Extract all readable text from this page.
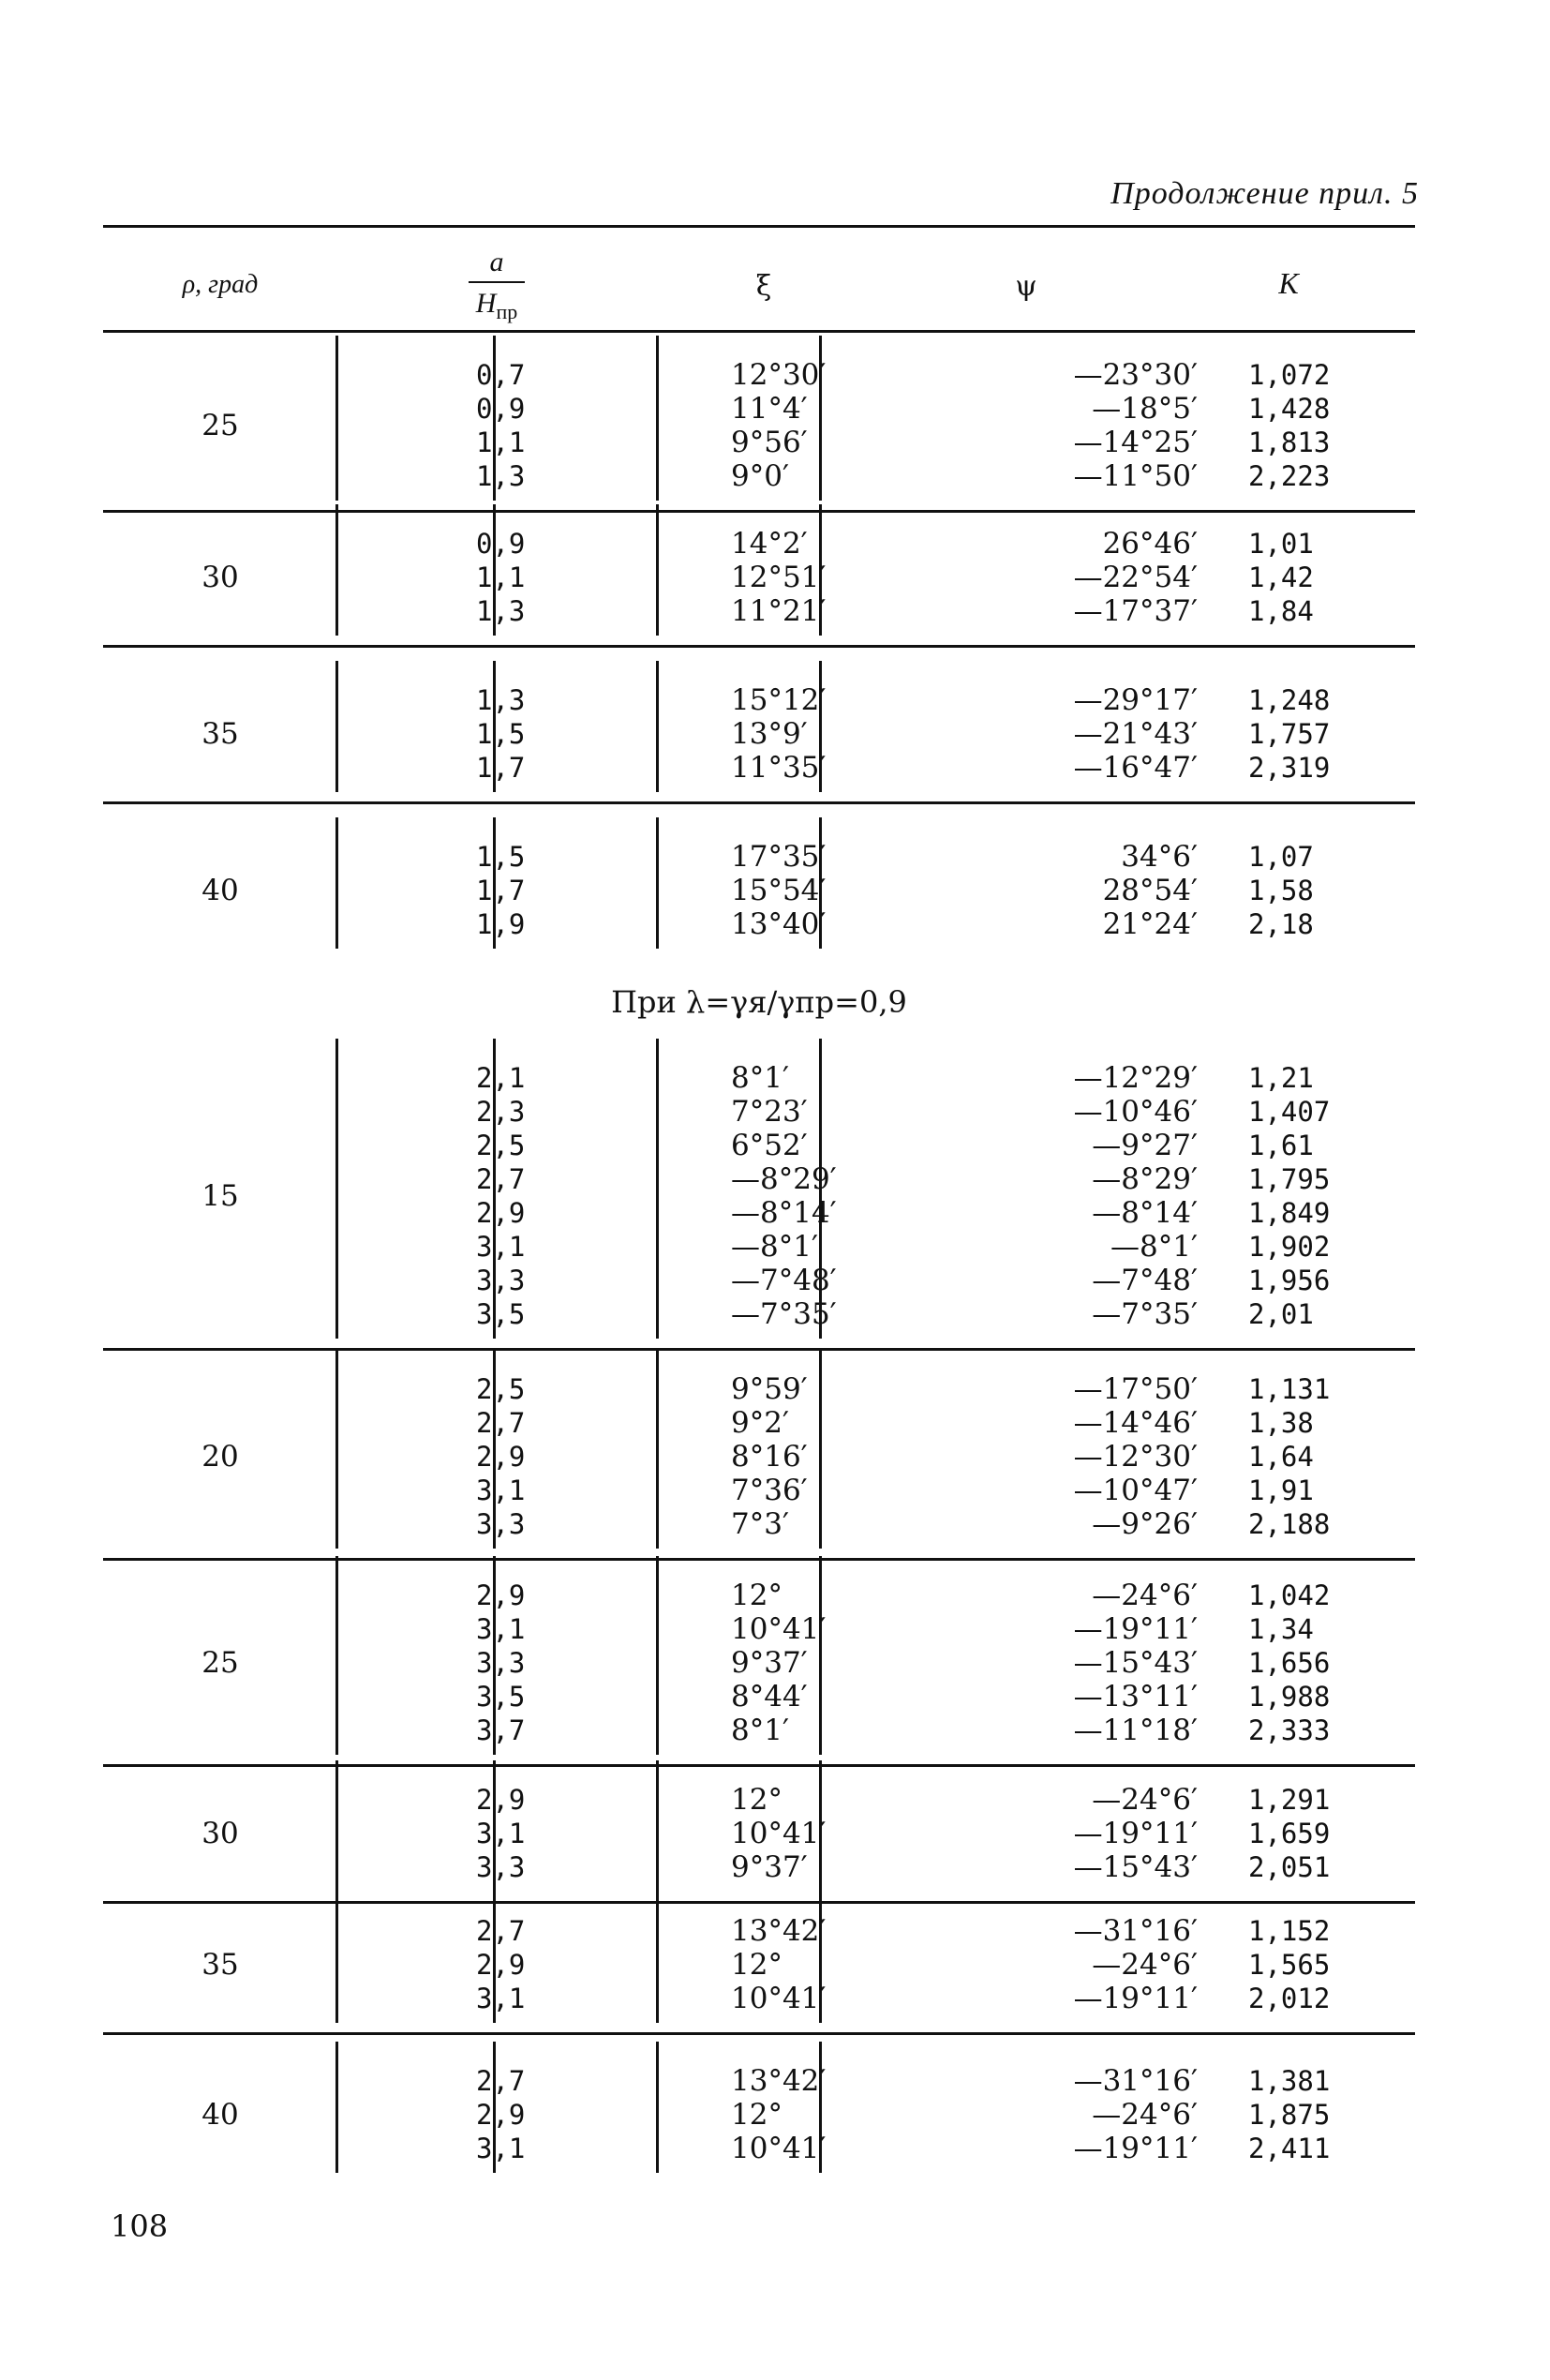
Продолжение прил. 5
ρ, град
a
$H_{пр}$
ξ	ψ	K
25
0,7
0,9
1,1
1,3
12°30′
11°4′
9°56′
9°0′
—23°30′
—18°5′
—14°25′
—11°50′
1,072
1,428
1,813
2,223
30
0,9
1,1
1,3
14°2′
12°51′
11°21′
26°46′
—22°54′
—17°37′
1,01
1,42
1,84
35
1,3
1,5
1,7
15°12′
13°9′
11°35′
—29°17′
—21°43′
—16°47′
1,248
1,757
2,319
40
1,5
1,7
1,9
17°35′
15°54′
13°40′
34°6′
28°54′
21°24′
1,07
1,58
2,18
15
2,1
2,3
2,5
2,7
2,9
3,1
3,3
3,5
8°1′
7°23′
6°52′
—8°29′
—8°14′
—8°1′
—7°48′
—7°35′
—12°29′
—10°46′
—9°27′
—8°29′
—8°14′
—8°1′
—7°48′
—7°35′
1,21
1,407
1,61
1,795
1,849
1,902
1,956
2,01
20
2,5
2,7
2,9
3,1
3,3
9°59′
9°2′
8°16′
7°36′
7°3′
—17°50′
—14°46′
—12°30′
—10°47′
—9°26′
1,131
1,38
1,64
1,91
2,188
25
2,9
3,1
3,3
3,5
3,7
12°
10°41′
9°37′
8°44′
8°1′
—24°6′
—19°11′
—15°43′
—13°11′
—11°18′
1,042
1,34
1,656
1,988
2,333
30
2,9
3,1
3,3
12°
10°41′
9°37′
—24°6′
—19°11′
—15°43′
1,291
1,659
2,051
35
2,7
2,9
3,1
13°42′
12°
10°41′
—31°16′
—24°6′
—19°11′
1,152
1,565
2,012
40
2,7
2,9
3,1
13°42′
12°
10°41′
—31°16′
—24°6′
—19°11′
1,381
1,875
2,411
При λ=γя/γпр=0,9
108
